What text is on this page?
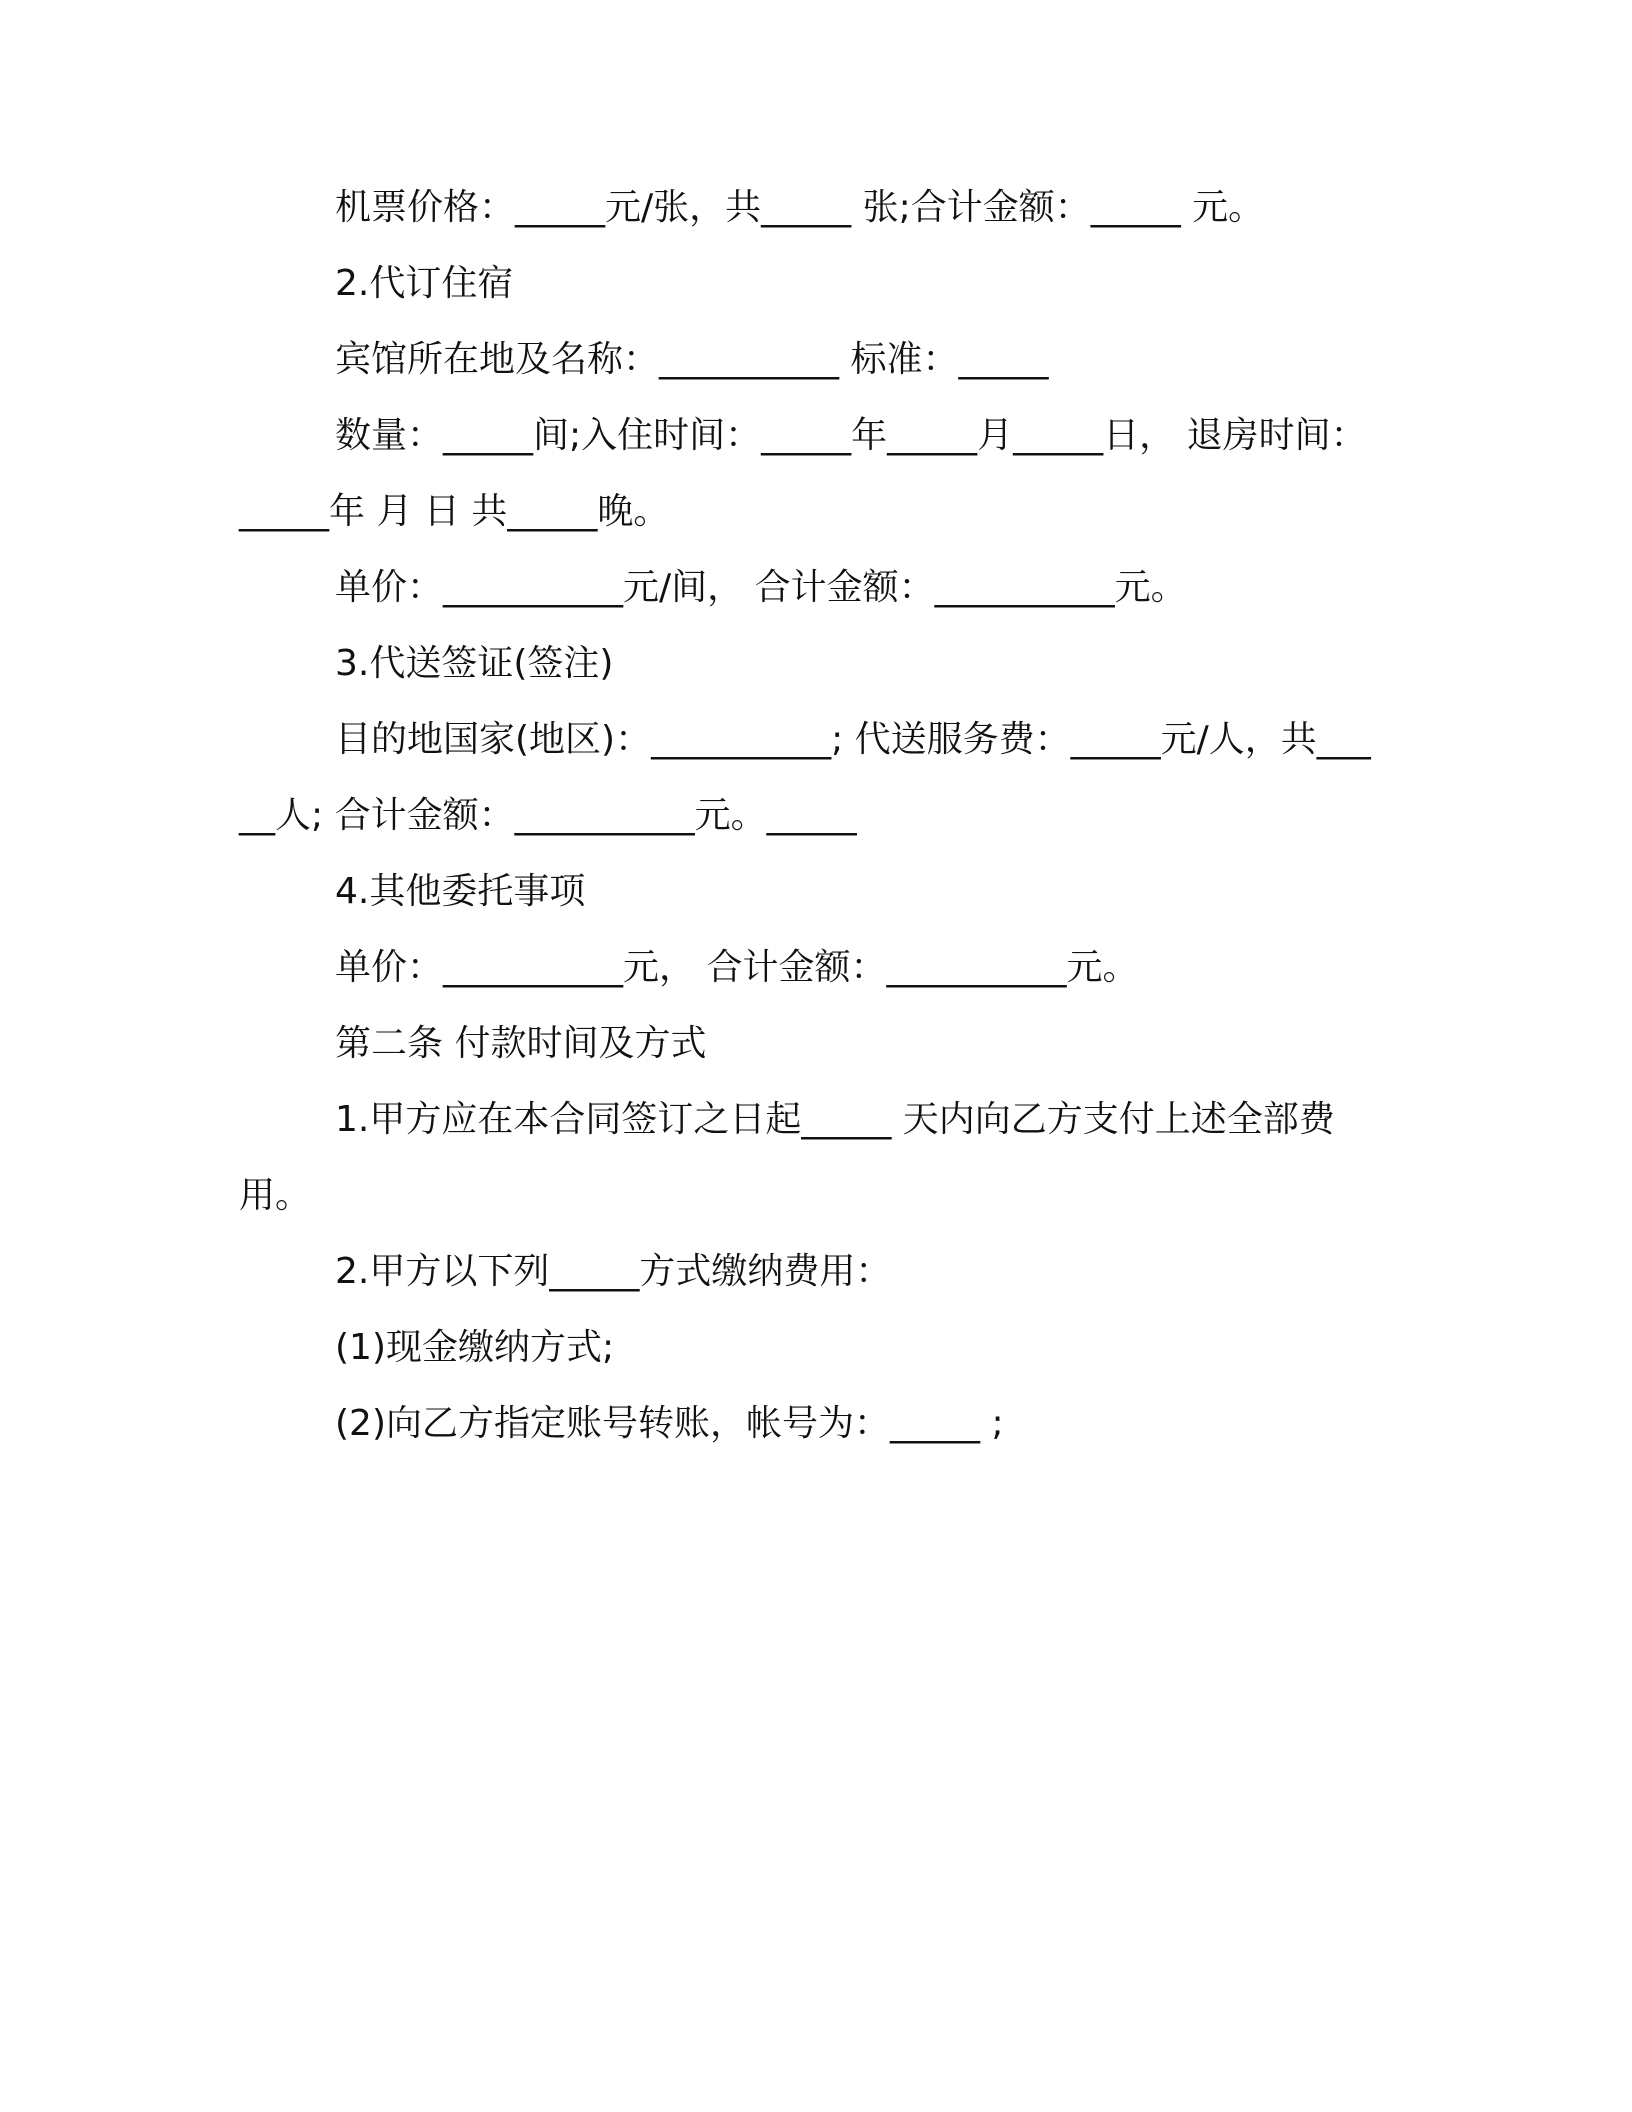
机票价格：_____元/张，共_____ 张;合计金额：_____ 元。

2.代订住宿

宾馆所在地及名称：__________ 标准：_____

数量：_____间;入住时间：_____年_____月_____日， 退房时间：_____年 月 日 共_____晚。

单价：__________元/间， 合计金额：__________元。

3.代送签证(签注)

目的地国家(地区)：__________; 代送服务费：_____元/人，共_____人; 合计金额：__________元。_____

4.其他委托事项

单价：__________元， 合计金额：__________元。

第二条 付款时间及方式

1.甲方应在本合同签订之日起_____ 天内向乙方支付上述全部费用。

2.甲方以下列_____方式缴纳费用：

(1)现金缴纳方式;

(2)向乙方指定账号转账，帐号为：_____ ;
